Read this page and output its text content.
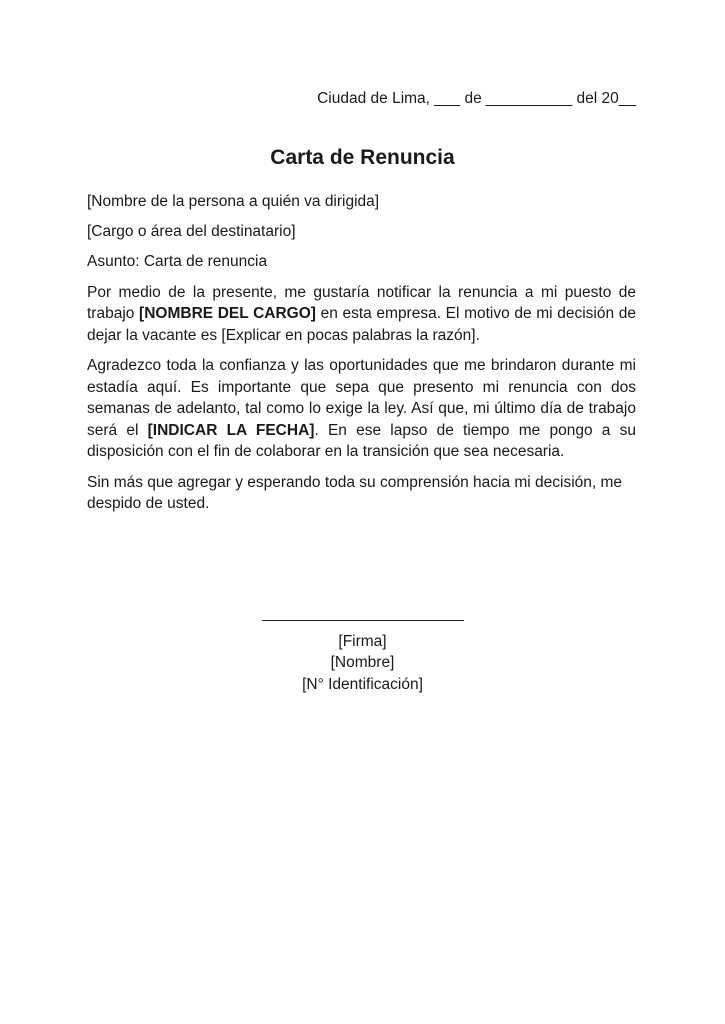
Ciudad de Lima, ___ de __________ del 20__
Carta de Renuncia

[Nombre de la persona a quién va dirigida]

[Cargo o área del destinatario]

Asunto: Carta de renuncia

Por medio de la presente, me gustaría notificar la renuncia a mi puesto de trabajo [NOMBRE DEL CARGO] en esta empresa. El motivo de mi decisión de dejar la vacante es [Explicar en pocas palabras la razón].

Agradezco toda la confianza y las oportunidades que me brindaron durante mi estadía aquí. Es importante que sepa que presento mi renuncia con dos semanas de adelanto, tal como lo exige la ley. Así que, mi último día de trabajo será el [INDICAR LA FECHA]. En ese lapso de tiempo me pongo a su disposición con el fin de colaborar en la transición que sea necesaria.

Sin más que agregar y esperando toda su comprensión hacia mi decisión, me despido de usted.

[Firma]
[Nombre]
[N° Identificación]
